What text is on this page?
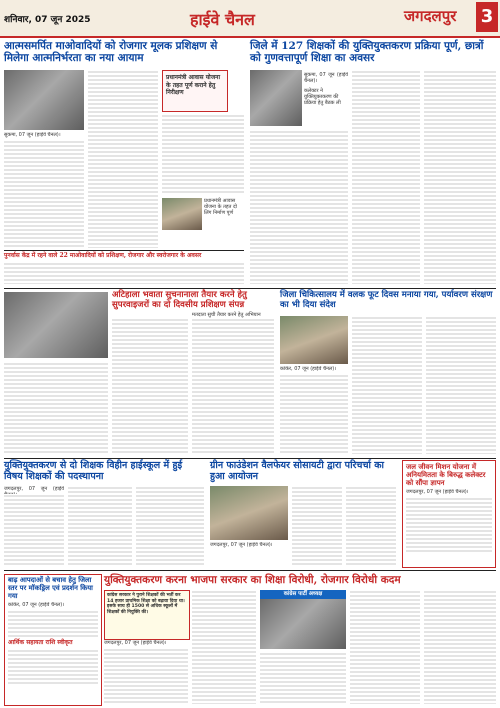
शनिवार, 07 जून 2025	हाईवे चैनल	जगदलपुर 3
आत्मसमर्पित माओवादियों को रोजगार मूलक प्रशिक्षण से मिलेगा आत्मनिर्भरता का नया आयाम
सुकमा, 07 जून (हाईवे चैनल)।
प्रधानमंत्री आवास योजना के तहत पूर्ण कराने हेतु निरीक्षण
प्रधानमंत्री आवास योजना के तहत दो लिंग निर्माण पूर्ण
पुनर्वास केंद्र में रहने वाले 22 माओवादियों को प्रशिक्षण, रोजगार और स्वरोजगार के अवसर
जिले में 127 शिक्षकों की युक्तियुक्तकरण प्रक्रिया पूर्ण, छात्रों को गुणवत्तापूर्ण शिक्षा का अवसर
कलेक्टर ने युक्तियुक्तकरण की प्रक्रिया हेतु बैठक ली
सुकमा, 07 जून (हाईवे चैनल)।
अटिहाला भवाता सुचनानाला तैयार करने हेतु सुपरवाइजरों का दो दिवसीय प्रशिक्षण संपन्न
मतदाता सुची तैयार करने हेतु अभियान
जिला चिकित्सालय में वलक फूट दिवस मनाया गया, पर्यावरण संरक्षण का भी दिया संदेश
कांकेर, 07 जून (हाईवे चैनल)।
युक्तियुक्तकरण से दो शिक्षक विहीन हाईस्कूल में हुई विषय शिक्षकों की पदस्थापना
जगदलपुर, 07 जून (हाईवे
ग्रीन फाउंडेशन वैलफेयर सोसायटी द्वारा परिचर्चा का हुआ आयोजन
जगदलपुर, 07 जून (हाईवे चैनल)।
जल जीवन मिशन योजना में अनियमितता के बिरुद्ध कलेक्टर को सौंपा ज्ञापन
जगदलपुर, 07 जून (हाईवे चैनल)।
बाढ़ आपदाओं से बचाव हेतु जिला स्तर पर मॉकड्रिल एवं प्रदर्शन किया गया
कांकेर, 07 जून (हाईवे चैनल)।
आर्थिक सहायता राशि स्वीकृत
युक्तियुक्तकरण करना भाजपा सरकार का शिक्षा विरोधी, रोजगार विरोधी कदम
कांग्रेस सरकार ने पुराने शिक्षकों की भर्ती कर 14 हजार प्राथमिक शिक्षा को बढ़ावा दिया था। इसके साथ ही 1500 से अधिक स्कूलों में शिक्षकों की नियुक्ति की।
जगदलपुर, 07 जून (हाईवे चैनल)।
कांग्रेस पार्टी अध्यक्ष
